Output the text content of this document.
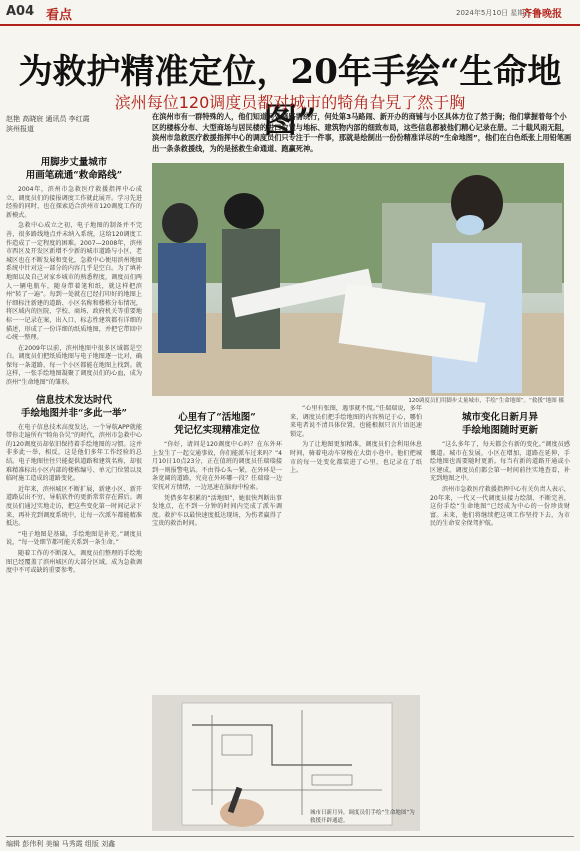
A04 看点	2024年5月10日 星期五
齐鲁晚报
为救护精准定位，20年手绘“生命地图”
滨州每位120调度员都对城市的犄角旮旯了然于胸
赵艳 高晓宸 通讯员 李红霞
滨州报道
在滨州市有一群特殊的人，他们知道何处修路需绕行，何处第3马路闹、新开办的商铺与小区具体方位了然于胸；他们掌握着每个小区的楼栋分布、大型商场与居民楼的进口位置与地标、建筑物内部的细致布局，这些信息都被他们精心记录在册。二十载风雨无阻，滨州市急救医疗救援指挥中心的调度员们只专注于一件事，那就是绘制出一份份精准详尽的“生命地图”，他们在白色纸张上用铅笔画出一条条救援线，为的是拯救生命通道、跑赢死神。
用脚步丈量城市
用画笔疏通“救命路线”

2004年，滨州市急救医疗救援指挥中心成立，调度员们的接报调度工作就此展开。学习先进经验的同时，也在探索适合滨州市120调度工作的新模式。

急救中心成立之初，电子地图的制备并不完善，很多路线地点并未纳入系统，这给120调度工作造成了一定程度的困难。2007—2008年，滨州市西区及开发区新增不少新的城市道路与小区，老城区也在不断发展和变化，急救中心便用滨州地图系统中针对这一部分的内容几乎是空白。为了填补地图以及自己对家乡城市的熟悉程度，调度员们两人一辆电瓶车，随身带着笔和纸，就这样把滨州“转了一遍”。每到一处就在已经打印好的地图上仔细标注新建的道路、小区名称和楼栋分布情况，将区域内的医院、学校、商场、政府机关等重要地标一一记录在案，出入口、标志性建筑都有详细的描述，形成了一份详细的纸质地图，并把它带回中心统一整理。

在2009年以前，滨州地图中很多区域都是空白。调度员们把纸质地图与电子地图逐一比对，确保每一条道路、每一个小区都能在地图上找到。就这样，一张手绘地图凝聚了调度员们的心血，成为滨州“生命地图”的雏形。

信息技术发达时代
手绘地图并非“多此一举”

在电子信息技术高度发达，一个导航APP就能带你走遍所有“犄角旮旯”的时代，滨州市急救中心的120调度员却依旧保持着手绘地图的习惯。这并非多此一举，相反，这是他们多年工作经验的总结。电子地图往往只能提供道路和建筑名称，却很难精准标出小区内部的楼栋编号、单元门位置以及临时施工造成的道路变化。

近年来，滨州城区不断扩展，新建小区、新开道路层出不穷，导航软件的更新常常存在滞后。调度员们通过实地走访，把这些变化第一时间记录下来，再补充到调度系统中，让每一次派车都能精准抵达。

“电子地图是基础，手绘地图是补充。”调度员说，“每一处细节都可能关系到一条生命。”

随着工作的不断深入，调度员们整理的手绘地图已经覆盖了滨州城区的大部分区域，成为急救调度中不可或缺的重要参考。

120调度员们用脚步丈量城市，手绘“生命地图”。“救援”地图 摄
心里有了“活地图”
凭记忆实现精准定位

“你好，请问是120调度中心吗？在东外环上发生了一起交通事故，你们能派车过来吗？”4月10日10点23分，正在值班的调度员任瑞瑞接到一则报警电话。不由得心头一紧，在外环是一条宽阔的道路，究竟在外环哪一段？任瑞瑞一边安抚对方情绪，一边迅速在脑海中检索。

凭借多年积累的“活地图”，她很快判断出事发地点，在不到一分钟的时间内完成了派车调度。救护车以最快速度抵达现场，为伤者赢得了宝贵的救治时间。

“心里有张图，遇事就不慌。”任瑞瑞说，多年来，调度员们把手绘地图的内容熟记于心，哪怕来电者说不清具体位置，也能根据只言片语迅速锁定。

为了让地图更加精准，调度员们会利用休息时间，骑着电动车穿梭在大街小巷中。他们把城市的每一处变化都装进了心里，也记录在了纸上。

城市变化日新月异
手绘地图随时更新

“这么多年了，每天都会有新的变化。”调度员感慨道。城市在发展，小区在增加，道路在延伸，手绘地图也需要随时更新。每当有新的道路开通或小区建成，调度员们都会第一时间前往实地查看，补充到地图之中。

滨州市急救医疗救援指挥中心有关负责人表示，20年来，一代又一代调度员接力绘制、不断完善，这份手绘“生命地图”已经成为中心的一份珍贵财富。未来，他们将继续把这项工作坚持下去，为市民的生命安全保驾护航。

城市日新月异，调度员们手绘“生命地图”为救援开辟通道。
编辑 彭伟利 美编 马秀霞 组版 刘鑫
